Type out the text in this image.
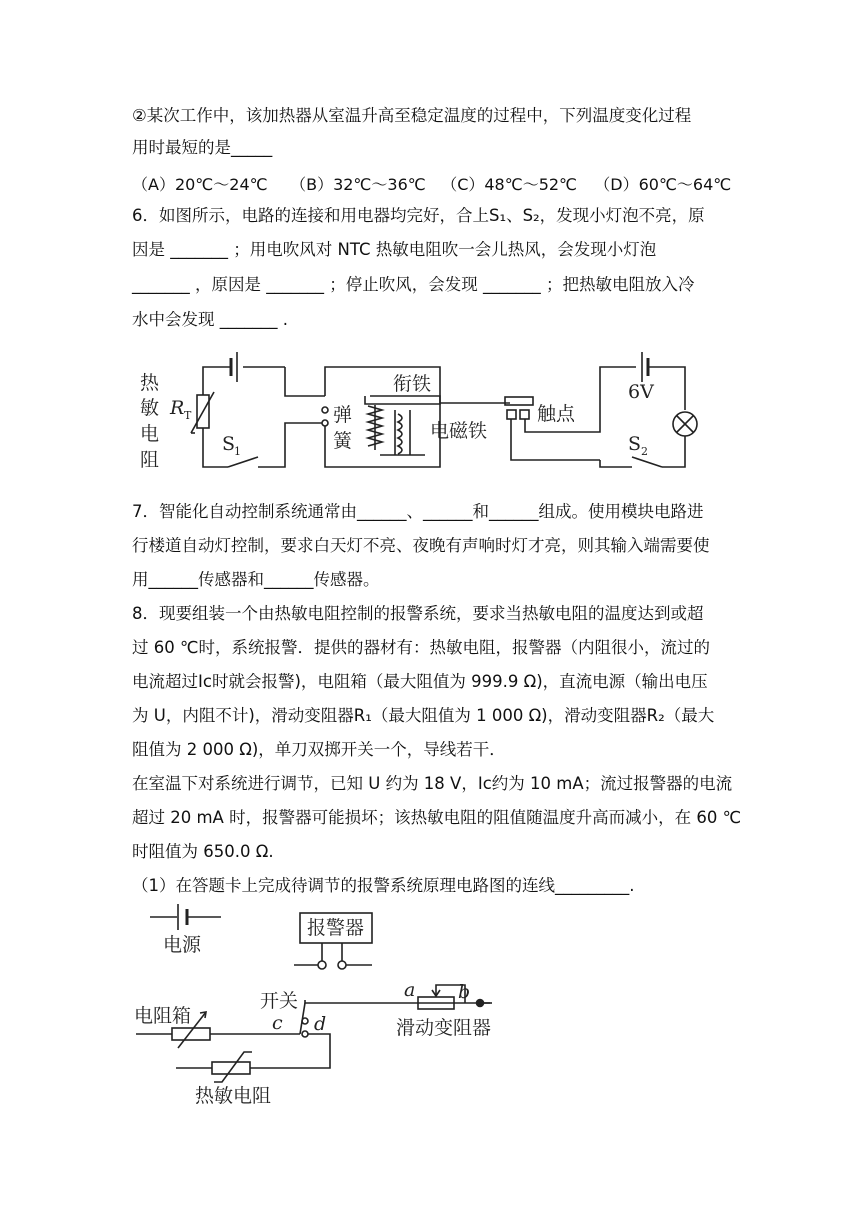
②某次工作中，该加热器从室温升高至稳定温度的过程中，下列温度变化过程
用时最短的是_____
（A）20℃～24℃ （B）32℃～36℃ （C）48℃～52℃ （D）60℃～64℃
6．如图所示，电路的连接和用电器均完好，合上S₁、S₂，发现小灯泡不亮，原
因是 _______ ；用电吹风对 NTC 热敏电阻吹一会儿热风，会发现小灯泡
_______ ，原因是 _______ ；停止吹风，会发现 _______ ；把热敏电阻放入冷
水中会发现 _______ .
热
敏
电
阻
R T
S
1
弹
簧
衔铁
电磁铁
触点
6V
S 2
7．智能化自动控制系统通常由______、______和______组成。使用模块电路进
行楼道自动灯控制，要求白天灯不亮、夜晚有声响时灯才亮，则其输入端需要使
用______传感器和______传感器。
8．现要组装一个由热敏电阻控制的报警系统，要求当热敏电阻的温度达到或超
过 60 ℃时，系统报警．提供的器材有：热敏电阻，报警器（内阻很小，流过的
电流超过Ic时就会报警)，电阻箱（最大阻值为 999.9 Ω)，直流电源（输出电压
为 U，内阻不计)，滑动变阻器R₁（最大阻值为 1 000 Ω)，滑动变阻器R₂（最大
阻值为 2 000 Ω)，单刀双掷开关一个，导线若干．
在室温下对系统进行调节，已知 U 约为 18 V，Ic约为 10 mA；流过报警器的电流
超过 20 mA 时，报警器可能损坏；该热敏电阻的阻值随温度升高而减小，在 60 ℃
时阻值为 650.0 Ω.
（1）在答题卡上完成待调节的报警系统原理电路图的连线_________.
电源
报警器
开关
电阻箱	c d
a b
滑动变阻器
热敏电阻
